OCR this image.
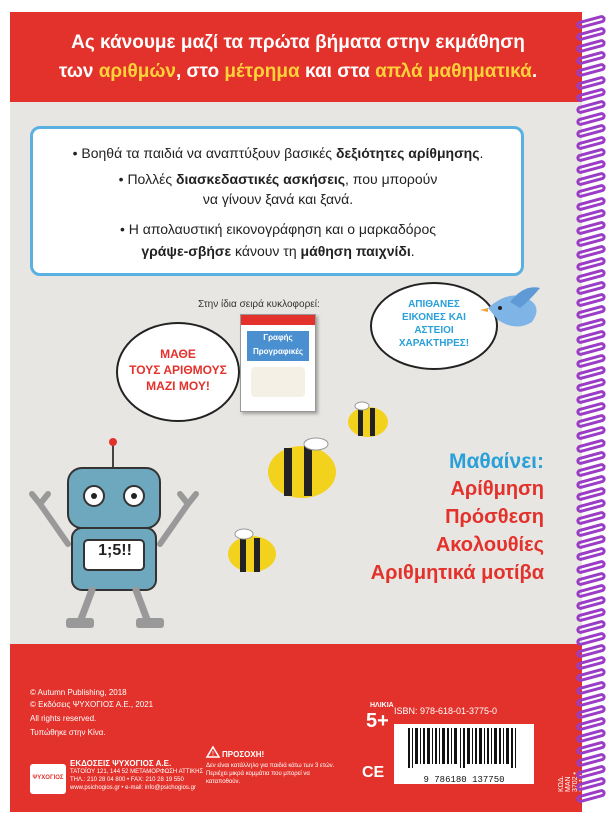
Ας κάνουμε μαζί τα πρώτα βήματα στην εκμάθηση
των αριθμών, στο μέτρημα και στα απλά μαθηματικά.
• Βοηθά τα παιδιά να αναπτύξουν βασικές δεξιότητες αρίθμησης.
• Πολλές διασκεδαστικές ασκήσεις, που μπορούν
να γίνουν ξανά και ξανά.
• Η απολαυστική εικονογράφηση και ο μαρκαδόρος
γράψε-σβήσε κάνουν τη μάθηση παιχνίδι.
Στην ίδια σειρά κυκλοφορεί:
Γραφής
Προγραφικές
ΑΠΙΘΑΝΕΣ
ΕΙΚΟΝΕΣ ΚΑΙ
ΑΣΤΕΙΟΙ
ΧΑΡΑΚΤΗΡΕΣ!
ΜΑΘΕ
ΤΟΥΣ ΑΡΙΘΜΟΥΣ
ΜΑΖΙ ΜΟΥ!
1;5!!
Μαθαίνει:
Αρίθμηση
Πρόσθεση
Ακολουθίες
Αριθμητικά μοτίβα
© Autumn Publishing, 2018
© Εκδόσεις ΨΥΧΟΓΙΟΣ Α.Ε., 2021
All rights reserved.
Τυπώθηκε στην Κίνα.
ΨΥΧΟΓΙΟΣ
ΕΚΔΟΣΕΙΣ ΨΥΧΟΓΙΟΣ Α.Ε.
ΤΑΤΟΪΟΥ 121, 144 52 ΜΕΤΑΜΟΡΦΩΣΗ ΑΤΤΙΚΗΣ
ΤΗΛ.: 210 28 04 800 • FAX: 210 28 19 550
www.psichogios.gr • e-mail: info@psichogios.gr
! ΠΡΟΣΟΧΗ!
Δεν είναι κατάλληλο για παιδιά κάτω των 3 ετών. Περιέχει μικρά κομμάτια που μπορεί να καταποθούν.
CE
ΗΛΙΚΙΑ
5+ ISBN: 978-618-01-3775-0
9 786180 137750	ΚΩΔ. ΜΑΝ 3702 • 25 13
